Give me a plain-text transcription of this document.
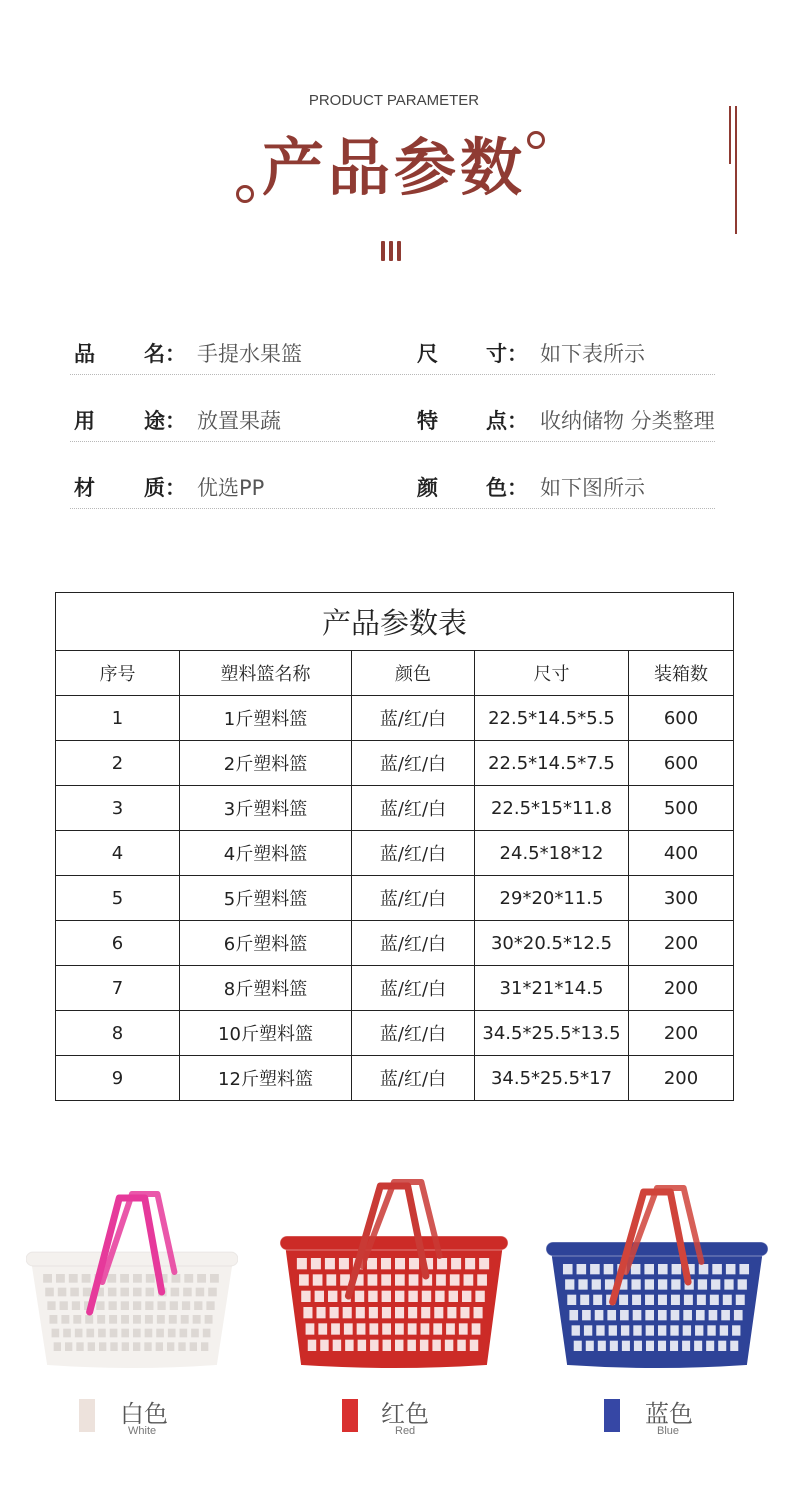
PRODUCT PARAMETER
产品参数
品 名： 手提水果篮	尺 寸： 如下表所示
用 途： 放置果蔬	特 点： 收纳储物 分类整理
材 质： 优选PP	颜 色： 如下图所示
产品参数表				
序号	塑料篮名称	颜色	尺寸	装箱数
1	1斤塑料篮	蓝/红/白	22.5*14.5*5.5	600
2	2斤塑料篮	蓝/红/白	22.5*14.5*7.5	600
3	3斤塑料篮	蓝/红/白	22.5*15*11.8	500
4	4斤塑料篮	蓝/红/白	24.5*18*12	400
5	5斤塑料篮	蓝/红/白	29*20*11.5	300
6	6斤塑料篮	蓝/红/白	30*20.5*12.5	200
7	8斤塑料篮	蓝/红/白	31*21*14.5	200
8	10斤塑料篮	蓝/红/白	34.5*25.5*13.5	200
9	12斤塑料篮	蓝/红/白	34.5*25.5*17	200
白色
White
红色
Red
蓝色
Blue
